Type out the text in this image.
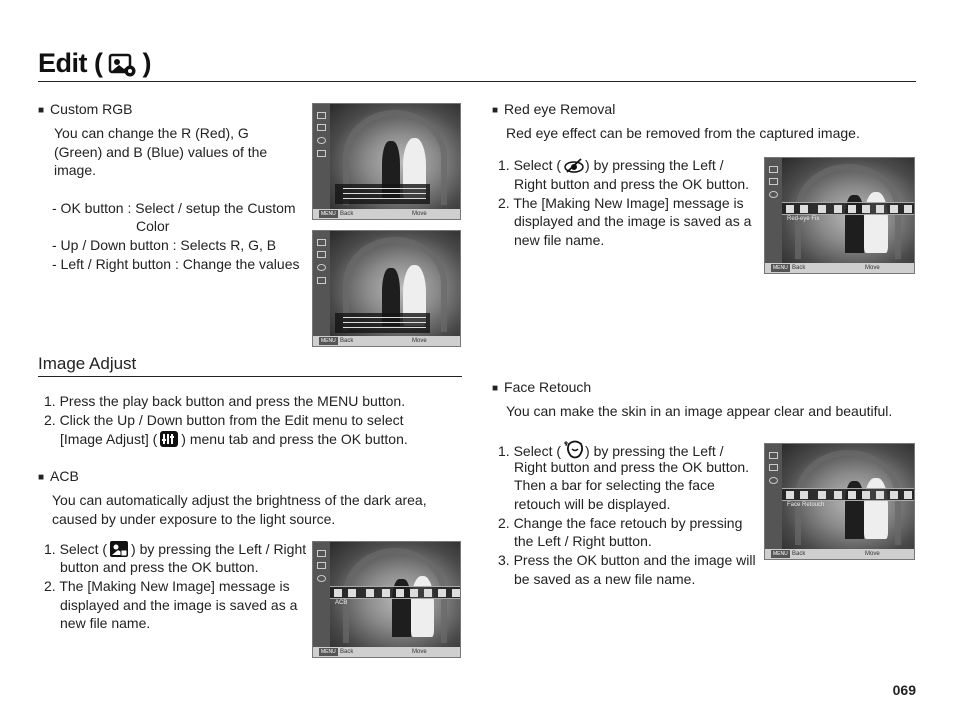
Edit ( )
■ Custom RGB
You can change the R (Red), G
(Green) and B (Blue) values of the
image.
- OK button : Select / setup the Custom
Color
- Up / Down button : Selects R, G, B
- Left / Right button : Change the values
MENU Back	Move
MENU Back	Move
Image Adjust
1. Press the play back button and press the MENU button.
2. Click the Up / Down button from the Edit menu to select
[Image Adjust] ( ) menu tab and press the OK button.
■ ACB
You can automatically adjust the brightness of the dark area,
caused by under exposure to the light source.
1. Select ( ) by pressing the Left / Right
button and press the OK button.
2. The [Making New Image] message is
displayed and the image is saved as a
new file name.
ACB
MENU Back	Move
■ Red eye Removal
Red eye effect can be removed from the captured image.
1. Select ( ) by pressing the Left /
Right button and press the OK button.
2. The [Making New Image] message is
displayed and the image is saved as a
new file name.
Red-eye Fix
MENU Back	Move
■ Face Retouch
You can make the skin in an image appear clear and beautiful.
1. Select ( ) by pressing the Left /
Right button and press the OK button.
Then a bar for selecting the face
retouch will be displayed.
2. Change the face retouch by pressing
the Left / Right button.
3. Press the OK button and the image will
be saved as a new file name.
Face Retouch
MENU Back	Move
069
